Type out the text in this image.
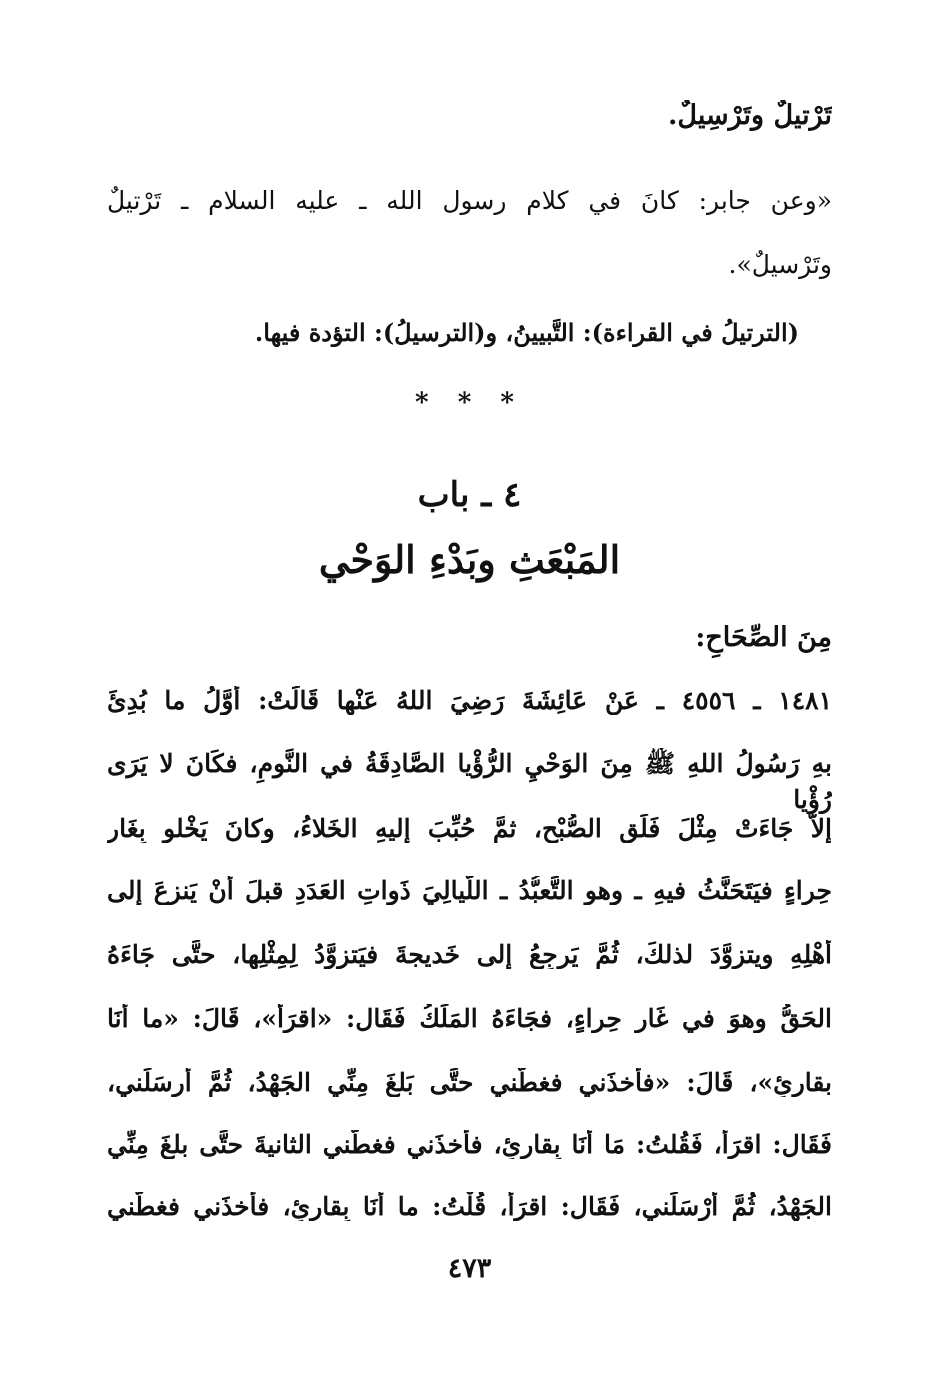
تَرْتيلٌ وتَرْسِيلٌ.
«وعن جابرٍ: كانَ في كلامِ رسولِ الله ـ عليه السلام ـ تَرْتيلٌ
وتَرْسيلٌ».
(الترتيلُ في القراءة): التَّبيينُ، و(الترسيلُ): التؤدة فيها.
* * *
٤ ـ باب
المَبْعَثِ وبَدْءِ الوَحْي
مِنَ الصِّحَاحِ:
١٤٨١ ـ ٤٥٥٦ ـ عَنْ عَائِشَةَ رَضِيَ اللهُ عَنْها قَالَتْ: أَوَّلُ ما بُدِئَ
بهِ رَسُولُ اللهِ ﷺ مِنَ الوَحْيِ الرُّؤْيا الصَّادِقَةُ في النَّومِ، فكَانَ لا يَرَى رُؤْيا
إلاَّ جَاءَتْ مِثْلَ فَلَقِ الصُّبْحِ، ثمَّ حُبِّبَ إليهِ الخَلاءُ، وكانَ يَخْلو بِغَارِ
حِراءٍ فيَتَحَنَّثُ فيهِ ـ وهو التَّعبُّدُ ـ اللَّيالِيَ ذَواتِ العَدَدِ قبلَ أنْ يَنزِعَ إلى
أَهْلِهِ ويتزوَّدَ لذلكَ، ثُمَّ يَرجِعُ إلى خَديجةَ فيَتزوَّدُ لِمِثْلِها، حتَّى جَاءَهُ
الحَقُّ وهوَ في غَارِ حِراءٍ، فجَاءَهُ المَلَكُ فَقَال: «اقرَأْ»، قَالَ: «ما أَنَا
بقارِئٍ»، قَالَ: «فأخذَني فغطَّني حتَّى بَلغَ مِنِّي الجَهْدُ، ثُمَّ أَرسَلَني،
فَقَال: اقرَأْ، فَقُلتُ: مَا أَنَا بِقارِئٍ، فأخذَني فغطَّني الثانيةَ حتَّى بلغَ مِنِّي
الجَهْدُ، ثُمَّ أَرْسَلَني، فَقَال: اقرَأْ، قُلْتُ: ما أنَا بِقارِئٍ، فأخذَني فغطَّني
٤٧٣
